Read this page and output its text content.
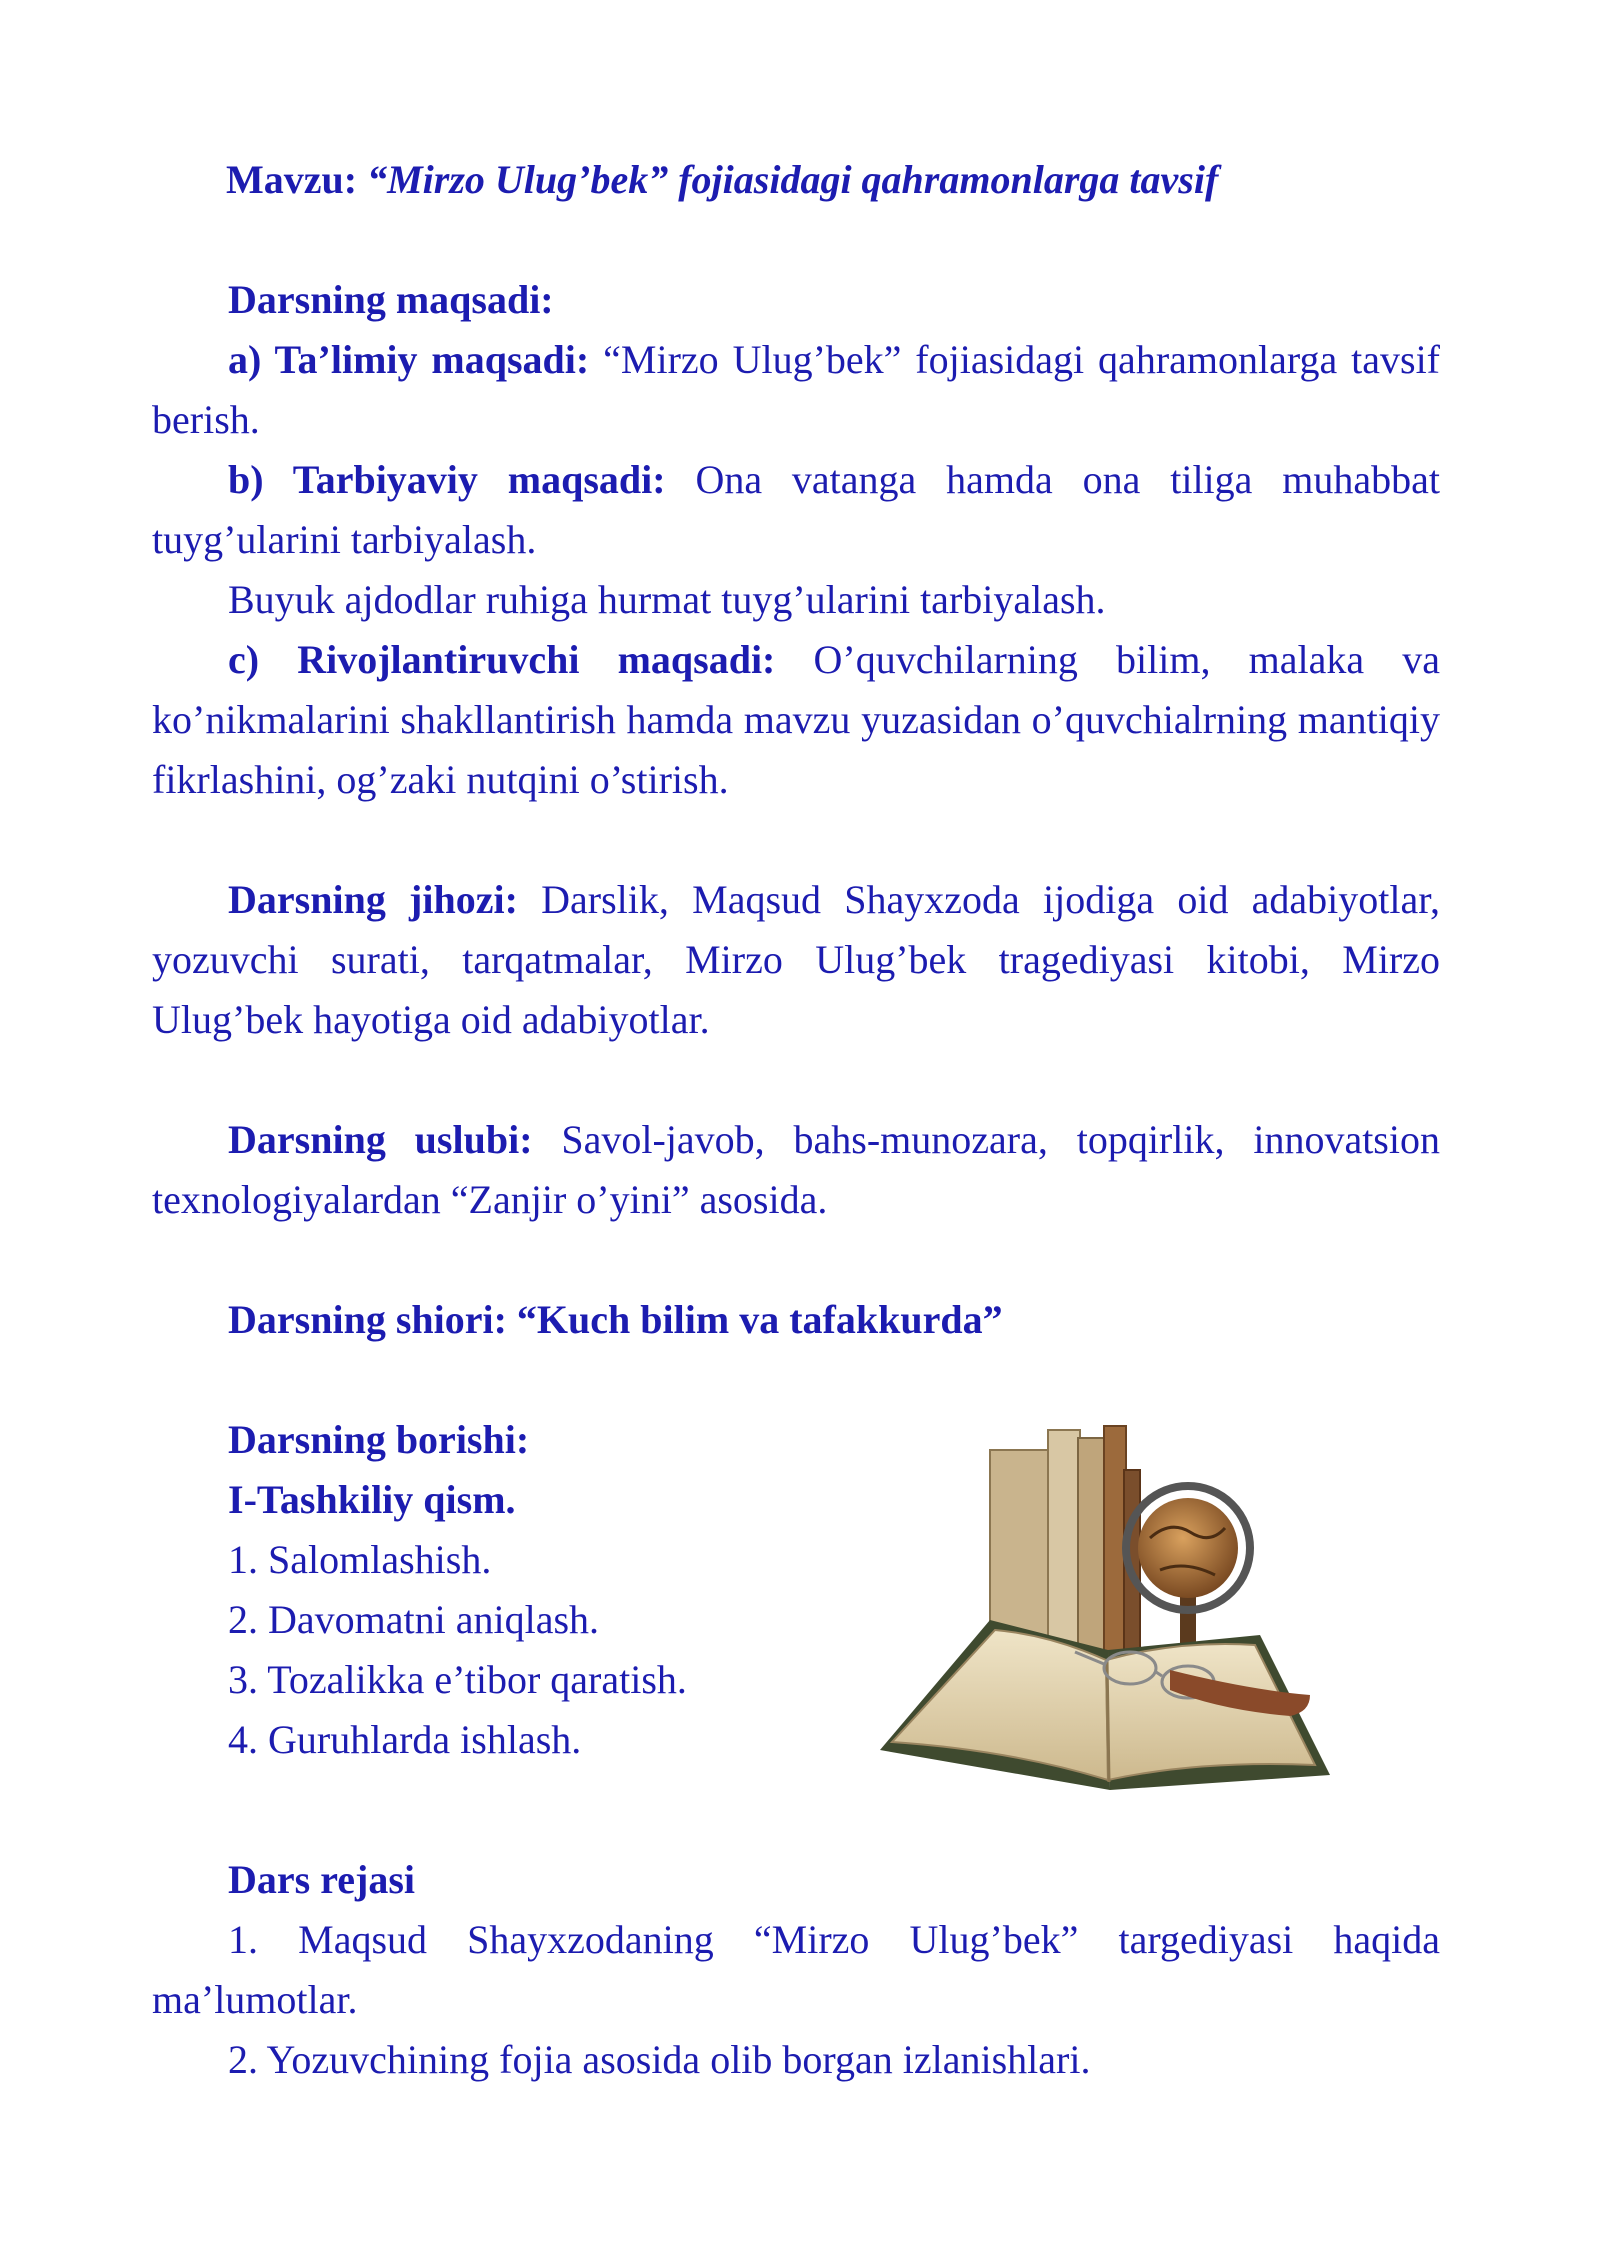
Mavzu: “Mirzo Ulug’bek” fojiasidagi qahramonlarga tavsif

Darsning maqsadi:

a) Ta’limiy maqsadi: “Mirzo Ulug’bek” fojiasidagi qahramonlarga tavsif berish.

b) Tarbiyaviy maqsadi: Ona vatanga hamda ona tiliga muhabbat tuyg’ularini tarbiyalash.

Buyuk ajdodlar ruhiga hurmat tuyg’ularini tarbiyalash.

c) Rivojlantiruvchi maqsadi: O’quvchilarning bilim, malaka va ko’nikmalarini shakllantirish hamda mavzu yuzasidan o’quvchialrning mantiqiy fikrlashini, og’zaki nutqini o’stirish.

Darsning jihozi: Darslik, Maqsud Shayxzoda ijodiga oid adabiyotlar, yozuvchi surati, tarqatmalar, Mirzo Ulug’bek tragediyasi kitobi, Mirzo Ulug’bek hayotiga oid adabiyotlar.

Darsning uslubi: Savol-javob, bahs-munozara, topqirlik, innovatsion texnologiyalardan “Zanjir o’yini” asosida.

Darsning shiori: “Kuch bilim va tafakkurda”

Darsning borishi:

I-Tashkiliy qism.

1. Salomlashish.
2. Davomatni aniqlash.
3. Tozalikka e’tibor qaratish.
4. Guruhlarda ishlash.

Dars rejasi

1. Maqsud Shayxzodaning “Mirzo Ulug’bek” targediyasi haqida ma’lumotlar.

2. Yozuvchining fojia asosida olib borgan izlanishlari.
